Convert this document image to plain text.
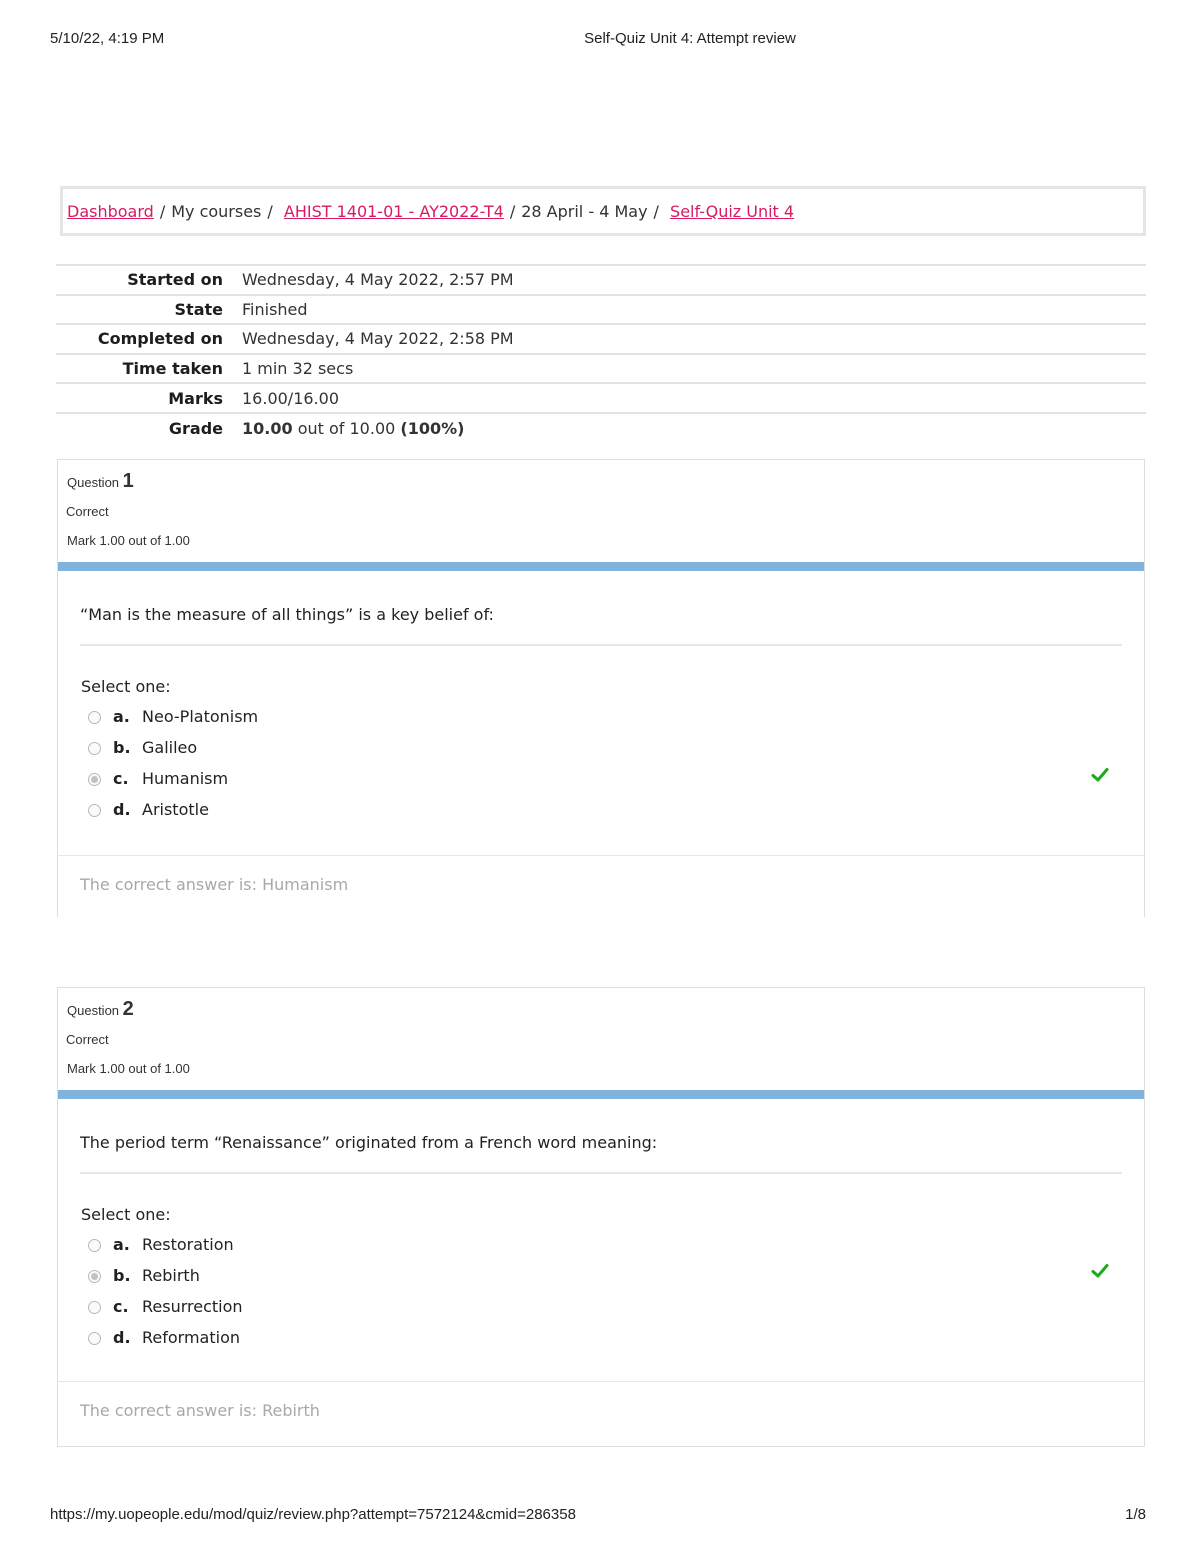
5/10/22, 4:19 PM	Self-Quiz Unit 4: Attempt review
Dashboard / My courses / AHIST 1401-01 - AY2022-T4 / 28 April - 4 May / Self-Quiz Unit 4
Started on	Wednesday, 4 May 2022, 2:57 PM
State	Finished
Completed on	Wednesday, 4 May 2022, 2:58 PM
Time taken	1 min 32 secs
Marks	16.00/16.00
Grade	10.00 out of 10.00 (100%)
Question 1
Correct
Mark 1.00 out of 1.00
“Man is the measure of all things” is a key belief of:
Select one:
a. Neo-Platonism
b. Galileo
c. Humanism
d. Aristotle
The correct answer is: Humanism
Question 2
Correct
Mark 1.00 out of 1.00
The period term “Renaissance” originated from a French word meaning:
Select one:
a. Restoration
b. Rebirth
c. Resurrection
d. Reformation
The correct answer is: Rebirth
https://my.uopeople.edu/mod/quiz/review.php?attempt=7572124&cmid=286358	1/8
